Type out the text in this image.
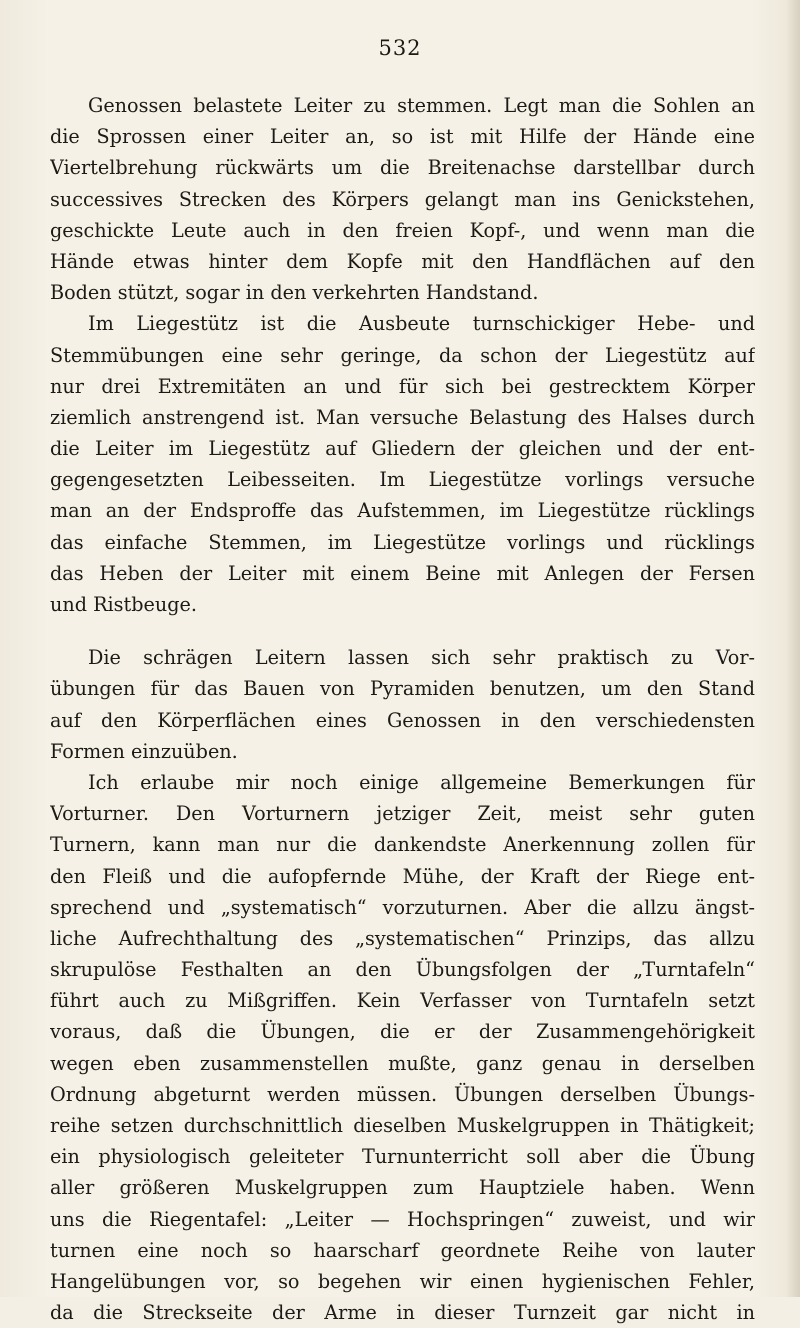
532
Genossen belastete Leiter zu stemmen. Legt man die Sohlen an
die Sprossen einer Leiter an, so ist mit Hilfe der Hände eine
Viertelbrehung rückwärts um die Breitenachse darstellbar durch
successives Strecken des Körpers gelangt man ins Genickstehen,
geschickte Leute auch in den freien Kopf-, und wenn man die
Hände etwas hinter dem Kopfe mit den Handflächen auf den
Boden stützt, sogar in den verkehrten Handstand.
Im Liegestütz ist die Ausbeute turnschickiger Hebe- und
Stemmübungen eine sehr geringe, da schon der Liegestütz auf
nur drei Extremitäten an und für sich bei gestrecktem Körper
ziemlich anstrengend ist. Man versuche Belastung des Halses durch
die Leiter im Liegestütz auf Gliedern der gleichen und der ent-
gegengesetzten Leibesseiten. Im Liegestütze vorlings versuche
man an der Endsproffe das Aufstemmen, im Liegestütze rücklings
das einfache Stemmen, im Liegestütze vorlings und rücklings
das Heben der Leiter mit einem Beine mit Anlegen der Fersen
und Ristbeuge.
Die schrägen Leitern lassen sich sehr praktisch zu Vor-
übungen für das Bauen von Pyramiden benutzen, um den Stand
auf den Körperflächen eines Genossen in den verschiedensten
Formen einzuüben.
Ich erlaube mir noch einige allgemeine Bemerkungen für
Vorturner. Den Vorturnern jetziger Zeit, meist sehr guten
Turnern, kann man nur die dankendste Anerkennung zollen für
den Fleiß und die aufopfernde Mühe, der Kraft der Riege ent-
sprechend und „systematisch“ vorzuturnen. Aber die allzu ängst-
liche Aufrechthaltung des „systematischen“ Prinzips, das allzu
skrupulöse Festhalten an den Übungsfolgen der „Turntafeln“
führt auch zu Mißgriffen. Kein Verfasser von Turntafeln setzt
voraus, daß die Übungen, die er der Zusammengehörigkeit
wegen eben zusammenstellen mußte, ganz genau in derselben
Ordnung abgeturnt werden müssen. Übungen derselben Übungs-
reihe setzen durchschnittlich dieselben Muskelgruppen in Thätigkeit;
ein physiologisch geleiteter Turnunterricht soll aber die Übung
aller größeren Muskelgruppen zum Hauptziele haben. Wenn
uns die Riegentafel: „Leiter — Hochspringen“ zuweist, und wir
turnen eine noch so haarscharf geordnete Reihe von lauter
Hangelübungen vor, so begehen wir einen hygienischen Fehler,
da die Streckseite der Arme in dieser Turnzeit gar nicht in
